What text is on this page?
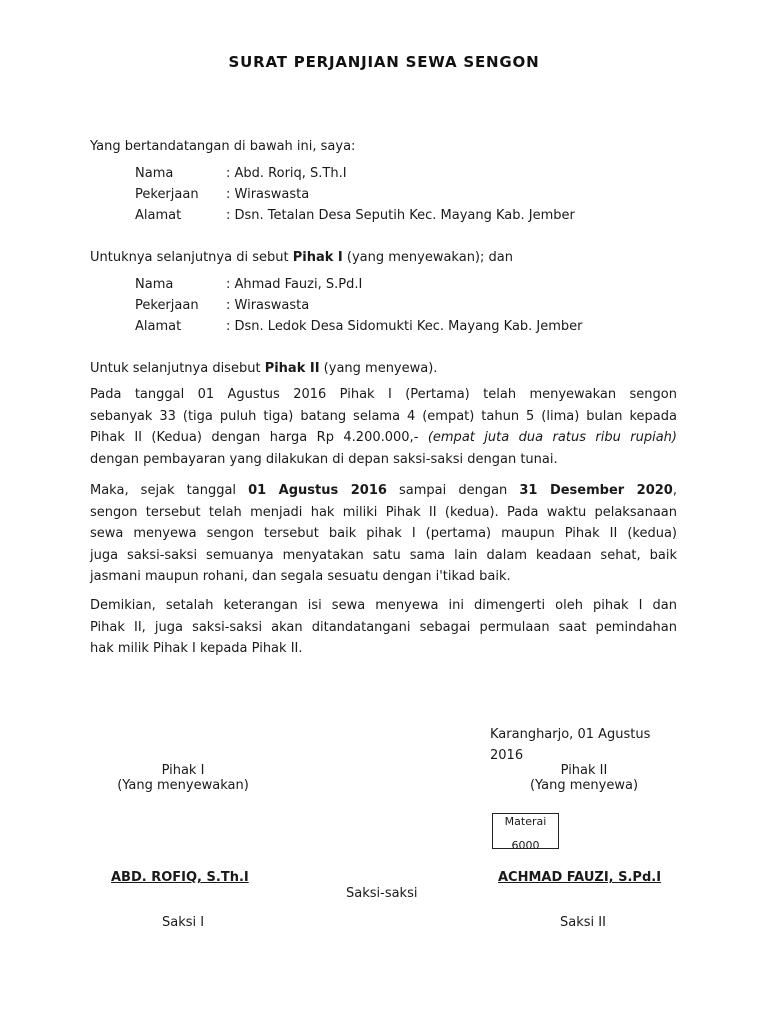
SURAT PERJANJIAN SEWA SENGON
Yang bertandatangan di bawah ini, saya:
Nama	: Abd. Roriq, S.Th.I
Pekerjaan : Wiraswasta
Alamat	: Dsn. Tetalan Desa Seputih Kec. Mayang Kab. Jember
Untuknya selanjutnya di sebut Pihak I (yang menyewakan); dan
Nama	: Ahmad Fauzi, S.Pd.I
Pekerjaan : Wiraswasta
Alamat	: Dsn. Ledok Desa Sidomukti Kec. Mayang Kab. Jember
Untuk selanjutnya disebut Pihak II (yang menyewa).
Pada tanggal 01 Agustus 2016 Pihak I (Pertama) telah menyewakan sengon
sebanyak 33 (tiga puluh tiga) batang selama 4 (empat) tahun 5 (lima) bulan kepada
Pihak II (Kedua) dengan harga Rp 4.200.000,- (empat juta dua ratus ribu rupiah)
dengan pembayaran yang dilakukan di depan saksi-saksi dengan tunai.
Maka, sejak tanggal 01 Agustus 2016 sampai dengan 31 Desember 2020,
sengon tersebut telah menjadi hak miliki Pihak II (kedua). Pada waktu pelaksanaan
sewa menyewa sengon tersebut baik pihak I (pertama) maupun Pihak II (kedua)
juga saksi-saksi semuanya menyatakan satu sama lain dalam keadaan sehat, baik
jasmani maupun rohani, dan segala sesuatu dengan i'tikad baik.
Demikian, setalah keterangan isi sewa menyewa ini dimengerti oleh pihak I dan
Pihak II, juga saksi-saksi akan ditandatangani sebagai permulaan saat pemindahan
hak milik Pihak I kepada Pihak II.
Karangharjo, 01 Agustus
2016
Pihak I
(Yang menyewakan)
Pihak II
(Yang menyewa)
Materai
6000
ABD. ROFIQ, S.Th.I	ACHMAD FAUZI, S.Pd.I
Saksi-saksi
Saksi I	Saksi II
